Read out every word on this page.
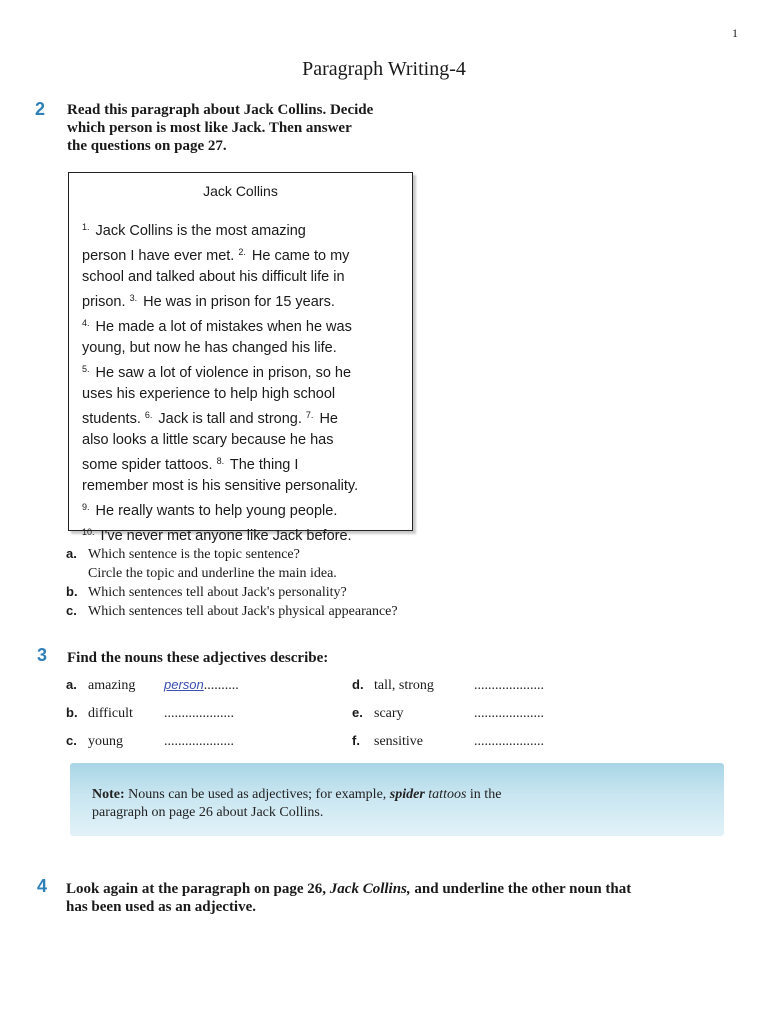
1
Paragraph Writing-4
2 Read this paragraph about Jack Collins. Decide
which person is most like Jack. Then answer
the questions on page 27.
Jack Collins
$^{1.}$ Jack Collins is the most amazing
person I have ever met. $^{2.}$ He came to my
school and talked about his difficult life in
prison. $^{3.}$ He was in prison for 15 years.
$^{4.}$ He made a lot of mistakes when he was
young, but now he has changed his life.
$^{5.}$ He saw a lot of violence in prison, so he
uses his experience to help high school
students. $^{6.}$ Jack is tall and strong. $^{7.}$ He
also looks a little scary because he has
some spider tattoos. $^{8.}$ The thing I
remember most is his sensitive personality.
$^{9.}$ He really wants to help young people.
$^{10.}$ I've never met anyone like Jack before.
a. Which sentence is the topic sentence?
Circle the topic and underline the main idea.
b. Which sentences tell about Jack's personality?
c. Which sentences tell about Jack's physical appearance?
3 Find the nouns these adjectives describe:
a. amazing person..........
b. difficult ....................
c. young	....................
d. tall, strong	....................
e. scary	....................
f. sensitive	....................
Note: Nouns can be used as adjectives; for example, spider tattoos in the
paragraph on page 26 about Jack Collins.
4 Look again at the paragraph on page 26, Jack Collins, and underline the other noun that
has been used as an adjective.
